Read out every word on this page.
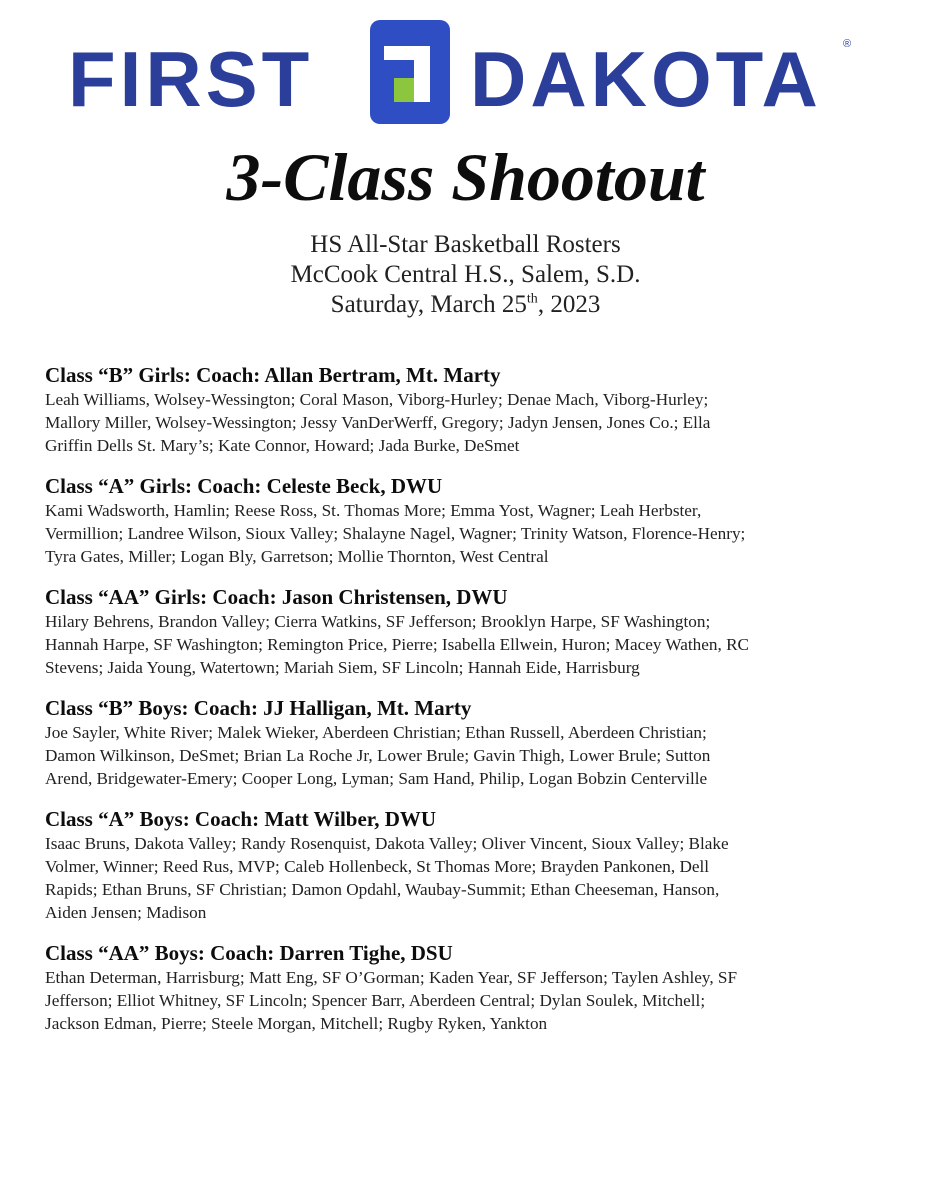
FIRST DAKOTA ®
3-Class Shootout
HS All-Star Basketball Rosters
McCook Central H.S., Salem, S.D.
Saturday, March 25th, 2023
Class “B” Girls: Coach: Allan Bertram, Mt. Marty
Leah Williams, Wolsey-Wessington; Coral Mason, Viborg-Hurley; Denae Mach, Viborg-Hurley;
Mallory Miller, Wolsey-Wessington; Jessy VanDerWerff, Gregory; Jadyn Jensen, Jones Co.; Ella
Griffin Dells St. Mary’s; Kate Connor, Howard; Jada Burke, DeSmet
Class “A” Girls: Coach: Celeste Beck, DWU
Kami Wadsworth, Hamlin; Reese Ross, St. Thomas More; Emma Yost, Wagner; Leah Herbster,
Vermillion; Landree Wilson, Sioux Valley; Shalayne Nagel, Wagner; Trinity Watson, Florence-Henry;
Tyra Gates, Miller; Logan Bly, Garretson; Mollie Thornton, West Central
Class “AA” Girls: Coach: Jason Christensen, DWU
Hilary Behrens, Brandon Valley; Cierra Watkins, SF Jefferson; Brooklyn Harpe, SF Washington;
Hannah Harpe, SF Washington; Remington Price, Pierre; Isabella Ellwein, Huron; Macey Wathen, RC
Stevens; Jaida Young, Watertown; Mariah Siem, SF Lincoln; Hannah Eide, Harrisburg
Class “B” Boys: Coach: JJ Halligan, Mt. Marty
Joe Sayler, White River; Malek Wieker, Aberdeen Christian; Ethan Russell, Aberdeen Christian;
Damon Wilkinson, DeSmet; Brian La Roche Jr, Lower Brule; Gavin Thigh, Lower Brule; Sutton
Arend, Bridgewater-Emery; Cooper Long, Lyman; Sam Hand, Philip, Logan Bobzin Centerville
Class “A” Boys: Coach: Matt Wilber, DWU
Isaac Bruns, Dakota Valley; Randy Rosenquist, Dakota Valley; Oliver Vincent, Sioux Valley; Blake
Volmer, Winner; Reed Rus, MVP; Caleb Hollenbeck, St Thomas More; Brayden Pankonen, Dell
Rapids; Ethan Bruns, SF Christian; Damon Opdahl, Waubay-Summit; Ethan Cheeseman, Hanson,
Aiden Jensen; Madison
Class “AA” Boys: Coach: Darren Tighe, DSU
Ethan Determan, Harrisburg; Matt Eng, SF O’Gorman; Kaden Year, SF Jefferson; Taylen Ashley, SF
Jefferson; Elliot Whitney, SF Lincoln; Spencer Barr, Aberdeen Central; Dylan Soulek, Mitchell;
Jackson Edman, Pierre; Steele Morgan, Mitchell; Rugby Ryken, Yankton
